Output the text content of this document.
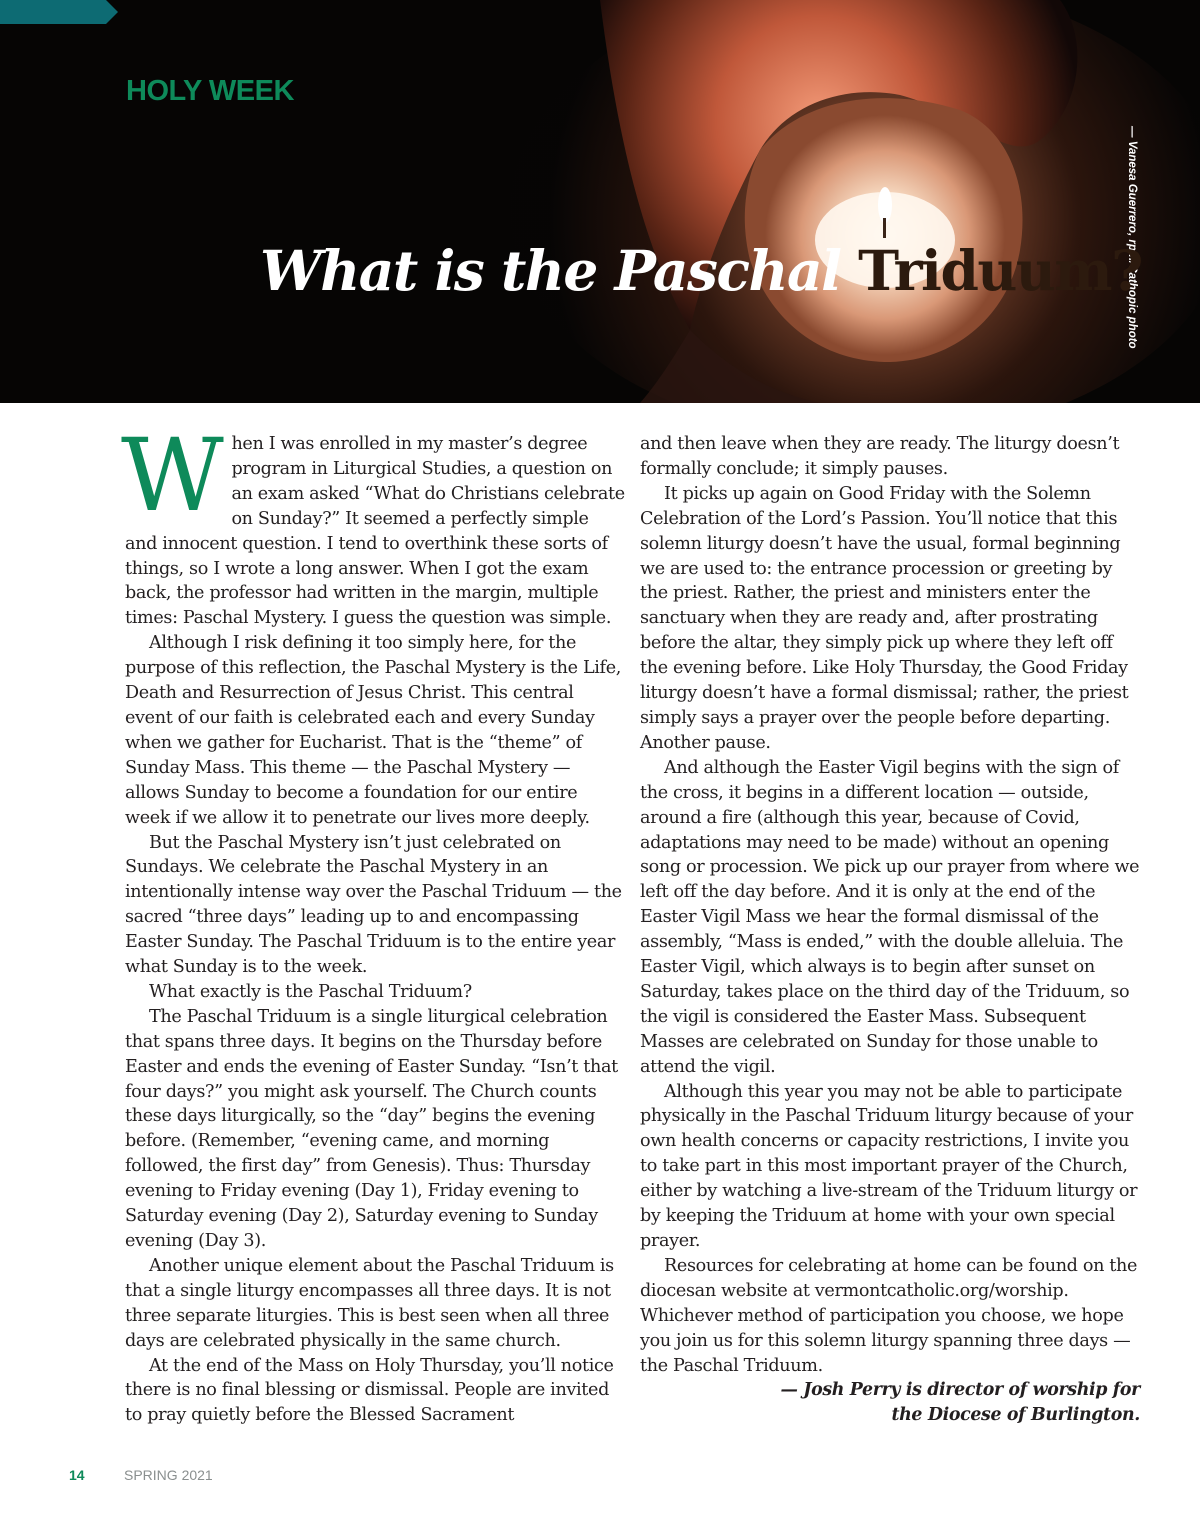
HOLY WEEK
— Vanesa Guerrero, rpm/Cathopic photo
What is the Paschal Triduum?

When I was enrolled in my master’s degree program in Liturgical Studies, a question on an exam asked “What do Christians celebrate on Sunday?” It seemed a perfectly simple and innocent question. I tend to overthink these sorts of things, so I wrote a long answer. When I got the exam back, the professor had written in the margin, multiple times: Paschal Mystery. I guess the question was simple.

Although I risk defining it too simply here, for the purpose of this reflection, the Paschal Mystery is the Life, Death and Resurrection of Jesus Christ. This central event of our faith is celebrated each and every Sunday when we gather for Eucharist. That is the “theme” of Sunday Mass. This theme — the Paschal Mystery — allows Sunday to become a foundation for our entire week if we allow it to penetrate our lives more deeply.

But the Paschal Mystery isn’t just celebrated on Sundays. We celebrate the Paschal Mystery in an intentionally intense way over the Paschal Triduum — the sacred “three days” leading up to and encompassing Easter Sunday. The Paschal Triduum is to the entire year what Sunday is to the week.

What exactly is the Paschal Triduum?

The Paschal Triduum is a single liturgical celebration that spans three days. It begins on the Thursday before Easter and ends the evening of Easter Sunday. “Isn’t that four days?” you might ask yourself. The Church counts these days liturgically, so the “day” begins the evening before. (Remember, “evening came, and morning followed, the first day” from Genesis). Thus: Thursday evening to Friday evening (Day 1), Friday evening to Saturday evening (Day 2), Saturday evening to Sunday evening (Day 3).

Another unique element about the Paschal Triduum is that a single liturgy encompasses all three days. It is not three separate liturgies. This is best seen when all three days are celebrated physically in the same church.

At the end of the Mass on Holy Thursday, you’ll notice there is no final blessing or dismissal. People are invited to pray quietly before the Blessed Sacrament

and then leave when they are ready. The liturgy doesn’t formally conclude; it simply pauses.

It picks up again on Good Friday with the Solemn Celebration of the Lord’s Passion. You’ll notice that this solemn liturgy doesn’t have the usual, formal beginning we are used to: the entrance procession or greeting by the priest. Rather, the priest and ministers enter the sanctuary when they are ready and, after prostrating before the altar, they simply pick up where they left off the evening before. Like Holy Thursday, the Good Friday liturgy doesn’t have a formal dismissal; rather, the priest simply says a prayer over the people before departing. Another pause.

And although the Easter Vigil begins with the sign of the cross, it begins in a different location — outside, around a fire (although this year, because of Covid, adaptations may need to be made) without an opening song or procession. We pick up our prayer from where we left off the day before. And it is only at the end of the Easter Vigil Mass we hear the formal dismissal of the assembly, “Mass is ended,” with the double alleluia. The Easter Vigil, which always is to begin after sunset on Saturday, takes place on the third day of the Triduum, so the vigil is considered the Easter Mass. Subsequent Masses are celebrated on Sunday for those unable to attend the vigil.

Although this year you may not be able to participate physically in the Paschal Triduum liturgy because of your own health concerns or capacity restrictions, I invite you to take part in this most important prayer of the Church, either by watching a live-stream of the Triduum liturgy or by keeping the Triduum at home with your own special prayer.

Resources for celebrating at home can be found on the diocesan website at vermontcatholic.org/worship. Whichever method of participation you choose, we hope you join us for this solemn liturgy spanning three days — the Paschal Triduum.

— Josh Perry is director of worship for
the Diocese of Burlington.
14	SPRING 2021
